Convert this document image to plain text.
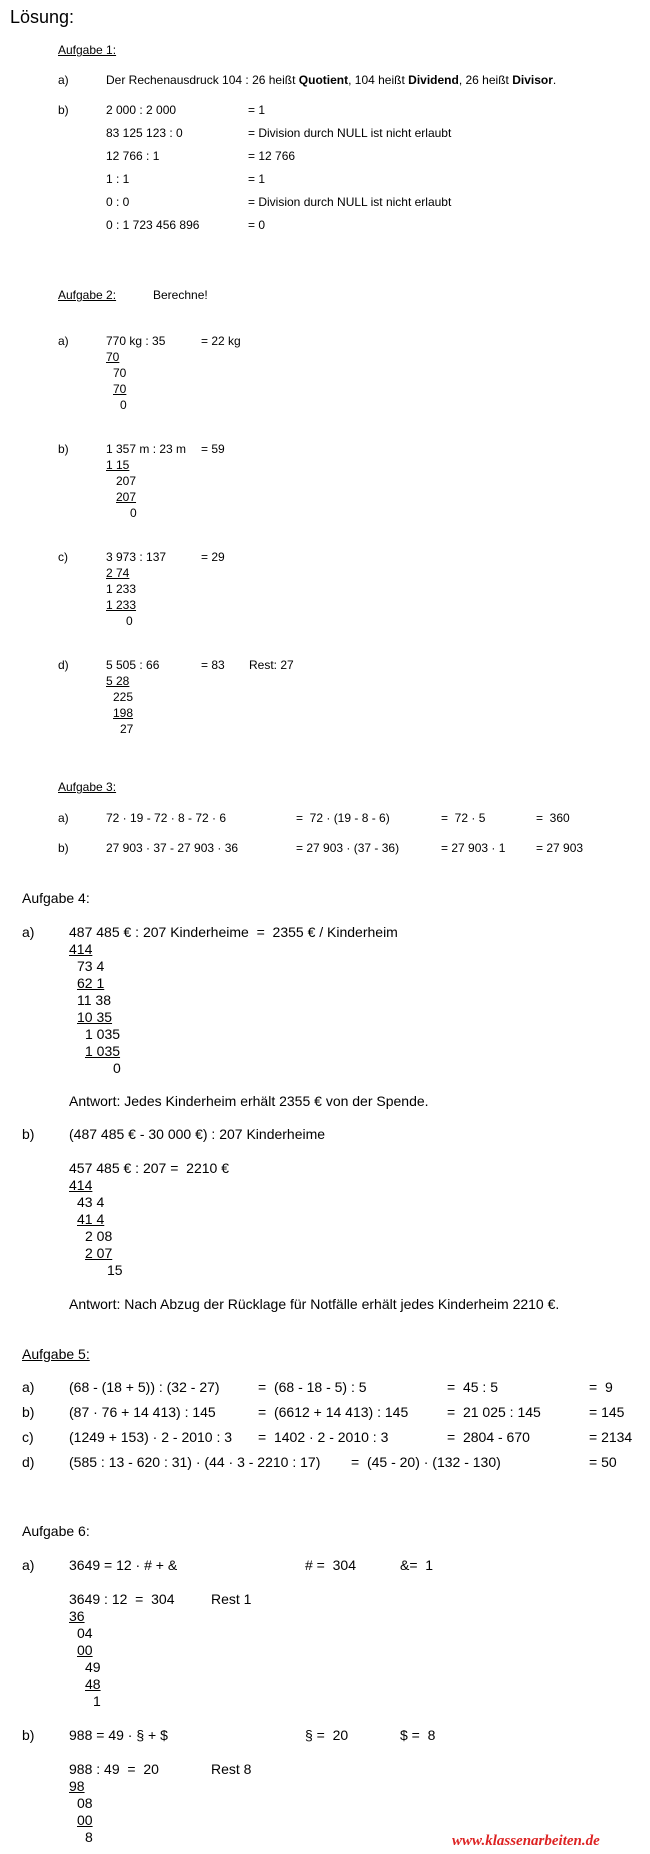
Lösung:
Aufgabe 1:
a)	Der Rechenausdruck 104 : 26 heißt Quotient, 104 heißt Dividend, 26 heißt Divisor.
b)	2 000 : 2 000	= 1
83 125 123 : 0	= Division durch NULL ist nicht erlaubt
12 766 : 1	= 12 766
1 : 1	= 1
0 : 0	= Division durch NULL ist nicht erlaubt
0 : 1 723 456 896	= 0
Aufgabe 2:	Berechne!
a)	770 kg : 35	= 22 kg
70
70
70
0
b)	1 357 m : 23 m = 59
1 15
207
207
0
c)	3 973 : 137	= 29
2 74
1 233
1 233
0
d)	5 505 : 66	= 83 Rest: 27
5 28
225
198
27
Aufgabe 3:
a)	72 · 19 - 72 · 8 - 72 · 6	=  72 · (19 - 8 - 6)	=  72 · 5	=  360
b)	27 903 · 37 - 27 903 · 36	= 27 903 · (37 - 36)	= 27 903 · 1	= 27 903
Aufgabe 4:
a) 487 485 € : 207 Kinderheime  =  2355 € / Kinderheim
414
73 4
62 1
11 38
10 35
1 035
1 035
0
Antwort: Jedes Kinderheim erhält 2355 € von der Spende.
b) (487 485 € - 30 000 €) : 207 Kinderheime
457 485 € : 207 =  2210 €
414
43 4
41 4
2 08
2 07
15
Antwort: Nach Abzug der Rücklage für Notfälle erhält jedes Kinderheim 2210 €.
Aufgabe 5:
a) (68 - (18 + 5)) : (32 - 27)	=  (68 - 18 - 5) : 5	=  45 : 5	=  9
b) (87 · 76 + 14 413) : 145	=  (6612 + 14 413) : 145	=  21 025 : 145	= 145
c)	(1249 + 153) · 2 - 2010 : 3 =  1402 · 2 - 2010 : 3	=  2804 - 670	= 2134
d) (585 : 13 - 620 : 31) · (44 · 3 - 2210 : 17) =  (45 - 20) · (132 - 130)	= 50
Aufgabe 6:
a) 3649 = 12 · # + &	# =  304	&=  1
3649 : 12  =  304	Rest 1
36
04
00
49
48
1
b) 988 = 49 · § + $	§ =  20	$ =  8
988 : 49  =  20	Rest 8
98
08
00
8	www.klassenarbeiten.de
